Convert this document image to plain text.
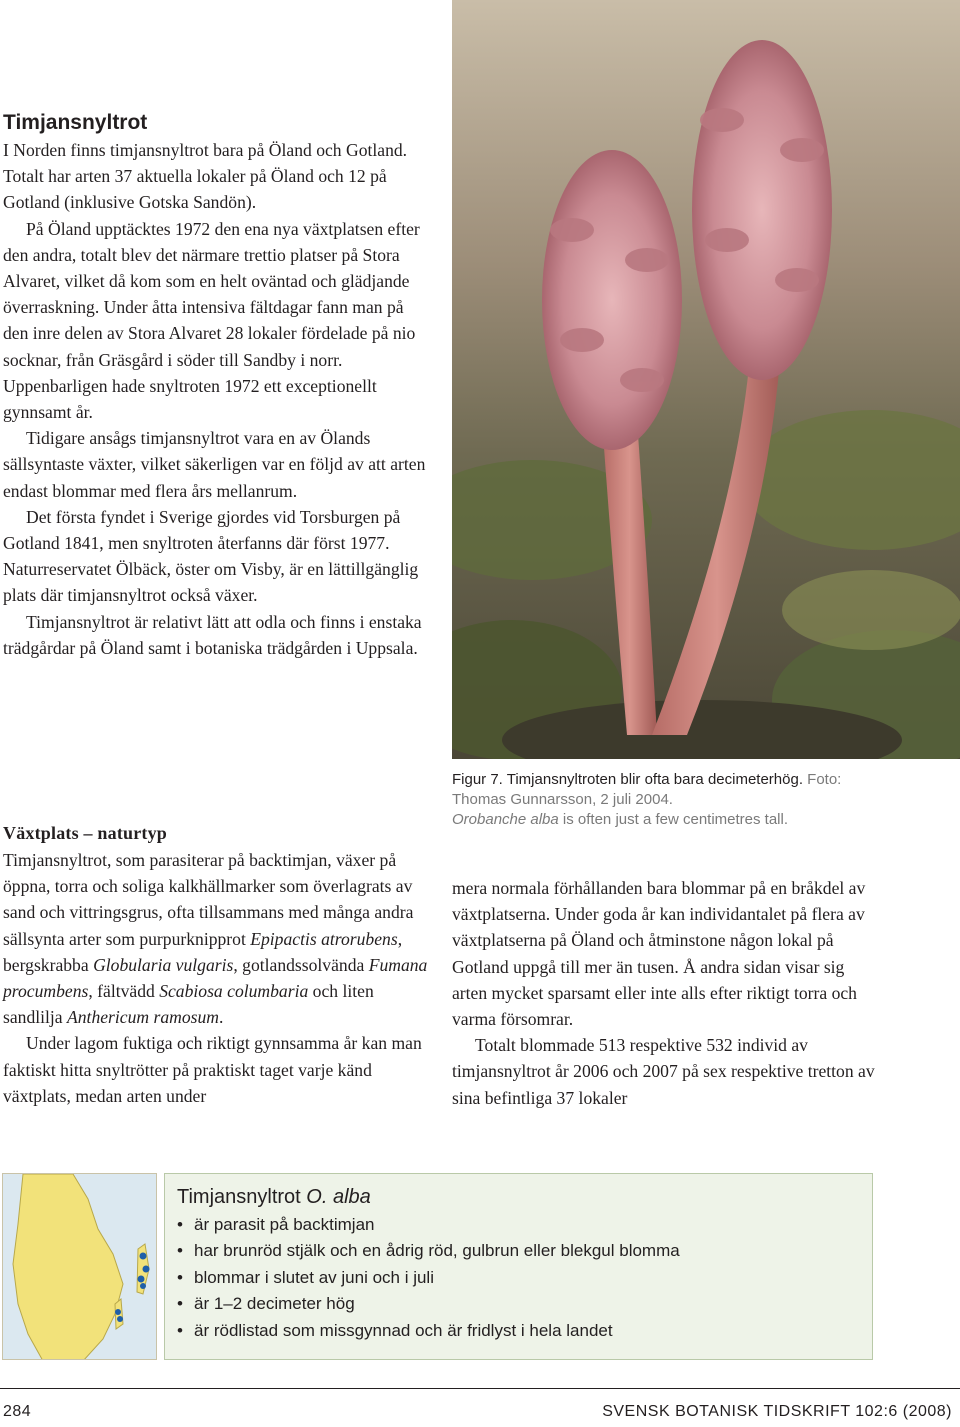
Timjansnyltrot

I Norden finns timjansnyltrot bara på Öland och Gotland. Totalt har arten 37 aktuella lokaler på Öland och 12 på Gotland (inklusive Gotska Sandön).

På Öland upptäcktes 1972 den ena nya växtplatsen efter den andra, totalt blev det närmare trettio platser på Stora Alvaret, vilket då kom som en helt oväntad och glädjande överraskning. Under åtta intensiva fältdagar fann man på den inre delen av Stora Alvaret 28 lokaler fördelade på nio socknar, från Gräsgård i söder till Sandby i norr. Uppenbarligen hade snyltroten 1972 ett exceptionellt gynnsamt år.

Tidigare ansågs timjansnyltrot vara en av Ölands sällsyntaste växter, vilket säkerligen var en följd av att arten endast blommar med flera års mellanrum.

Det första fyndet i Sverige gjordes vid Torsburgen på Gotland 1841, men snyltroten återfanns där först 1977. Naturreservatet Ölbäck, öster om Visby, är en lättillgänglig plats där timjansnyltrot också växer.

Timjansnyltrot är relativt lätt att odla och finns i enstaka trädgårdar på Öland samt i botaniska trädgården i Uppsala.

Växtplats – naturtyp

Timjansnyltrot, som parasiterar på backtimjan, växer på öppna, torra och soliga kalkhällmarker som överlagrats av sand och vittringsgrus, ofta tillsammans med många andra sällsynta arter som purpurknipprot Epipactis atrorubens, bergskrabba Globularia vulgaris, gotlandssolvända Fumana procumbens, fältvädd Scabiosa columbaria och liten sandlilja Anthericum ramosum.

Under lagom fuktiga och riktigt gynnsamma år kan man faktiskt hitta snyltrötter på praktiskt taget varje känd växtplats, medan arten under

Figur 7. Timjansnyltroten blir ofta bara decimeterhög. Foto: Thomas Gunnarsson, 2 juli 2004.
Orobanche alba is often just a few centimetres tall.

mera normala förhållanden bara blommar på en bråkdel av växtplatserna. Under goda år kan individantalet på flera av växtplatserna på Öland och åtminstone någon lokal på Gotland uppgå till mer än tusen. Å andra sidan visar sig arten mycket sparsamt eller inte alls efter riktigt torra och varma försomrar.

Totalt blommade 513 respektive 532 individ av timjansnyltrot år 2006 och 2007 på sex respektive tretton av sina befintliga 37 lokaler

Timjansnyltrot O. alba
• är parasit på backtimjan
• har brunröd stjälk och en ådrig röd, gulbrun eller blekgul blomma
• blommar i slutet av juni och i juli
• är 1–2 decimeter hög
• är rödlistad som missgynnad och är fridlyst i hela landet
284	SVENSK BOTANISK TIDSKRIFT 102:6 (2008)
